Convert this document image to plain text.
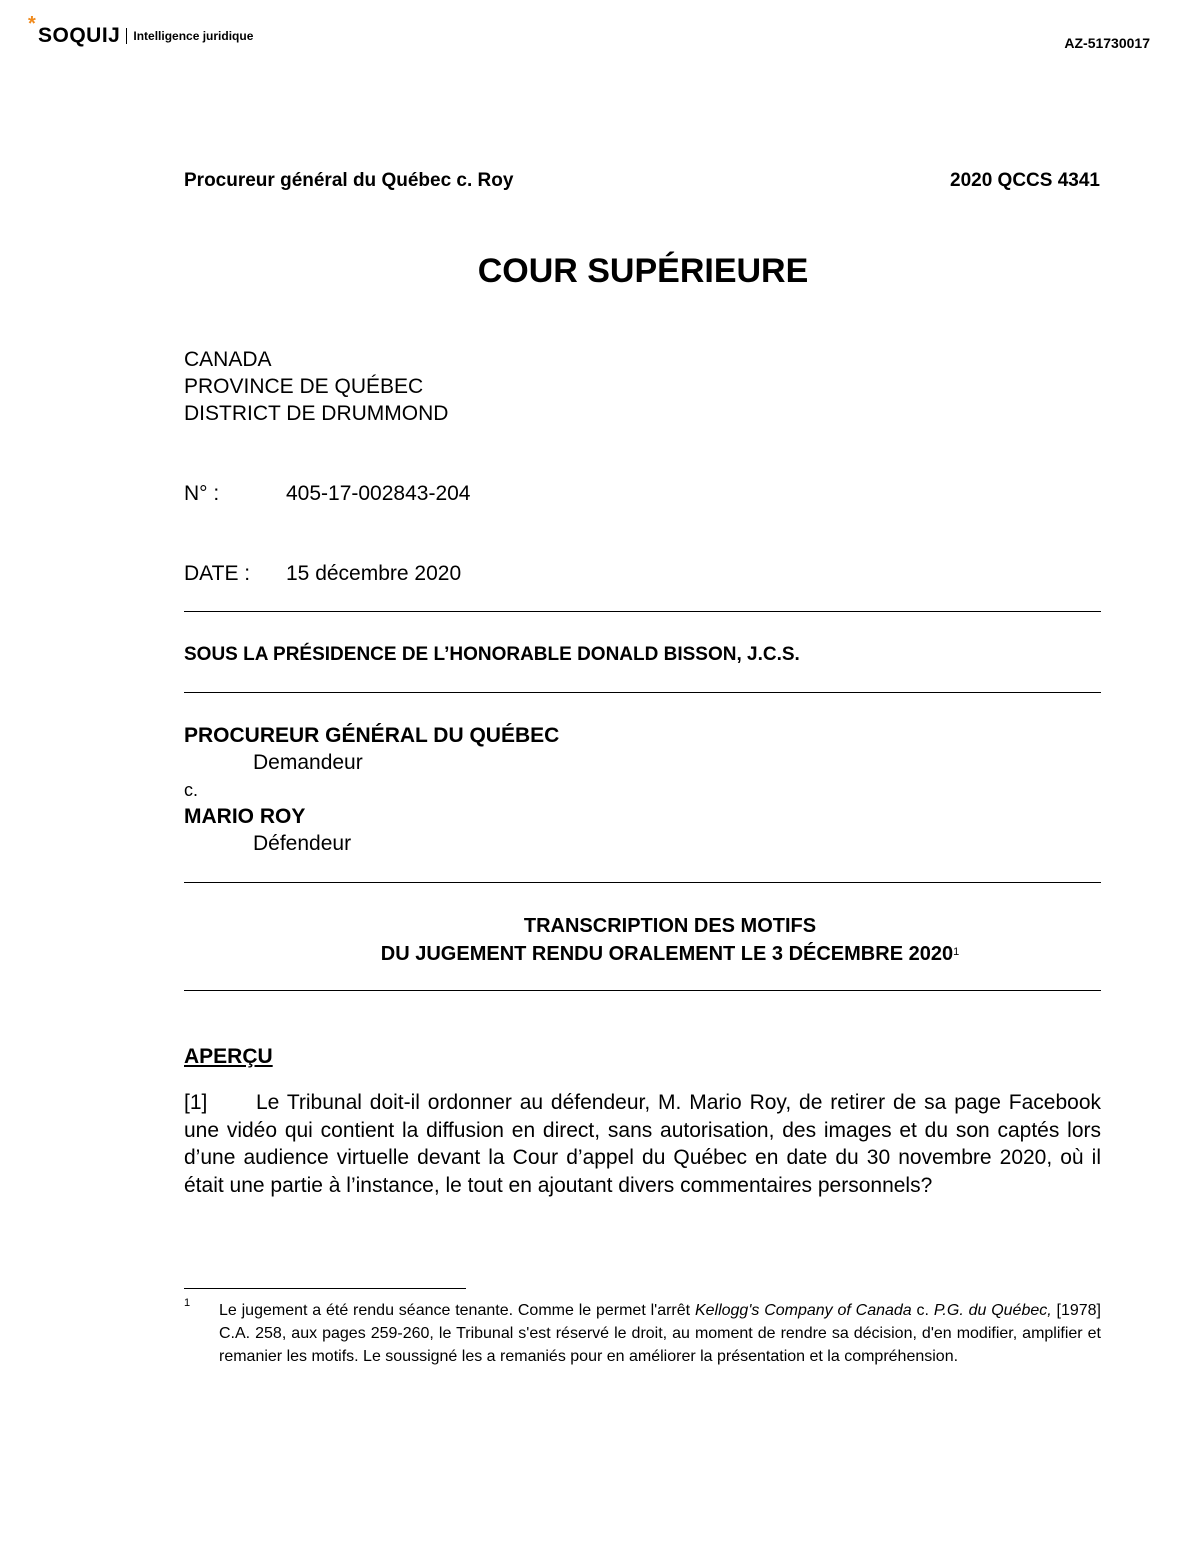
* SOQUIJ Intelligence juridique	AZ-51730017
Procureur général du Québec c. Roy	2020 QCCS 4341
COUR SUPÉRIEURE
CANADA
PROVINCE DE QUÉBEC
DISTRICT DE DRUMMOND
N° :	405-17-002843-204
DATE : 15 décembre 2020
SOUS LA PRÉSIDENCE DE L’HONORABLE DONALD BISSON, J.C.S.
PROCUREUR GÉNÉRAL DU QUÉBEC
Demandeur
c.
MARIO ROY
Défendeur
TRANSCRIPTION DES MOTIFS
DU JUGEMENT RENDU ORALEMENT LE 3 DÉCEMBRE 2020$^1$
APERÇU
[1] Le Tribunal doit-il ordonner au défendeur, M. Mario Roy, de retirer de sa page Facebook une vidéo qui contient la diffusion en direct, sans autorisation, des images et du son captés lors d’une audience virtuelle devant la Cour d’appel du Québec en date du 30 novembre 2020, où il était une partie à l’instance, le tout en ajoutant divers commentaires personnels?
1 Le jugement a été rendu séance tenante. Comme le permet l'arrêt Kellogg's Company of Canada c. P.G. du Québec, [1978] C.A. 258, aux pages 259-260, le Tribunal s'est réservé le droit, au moment de rendre sa décision, d'en modifier, amplifier et remanier les motifs. Le soussigné les a remaniés pour en améliorer la présentation et la compréhension.
